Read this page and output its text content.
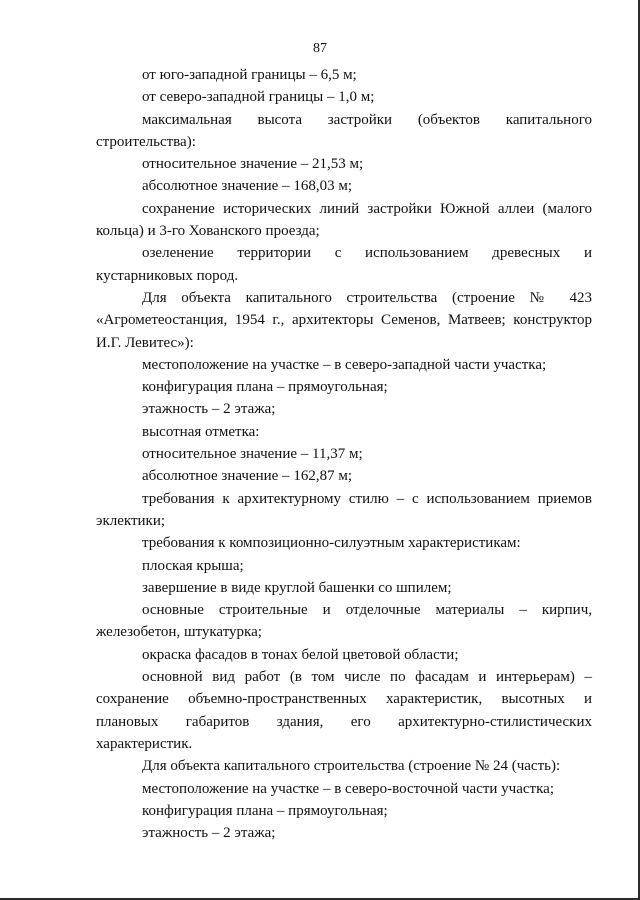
87

от юго-западной границы – 6,5 м;

от северо-западной границы – 1,0 м;

максимальная высота застройки (объектов капитального строительства):

относительное значение – 21,53 м;

абсолютное значение – 168,03 м;

сохранение исторических линий застройки Южной аллеи (малого кольца) и 3-го Хованского проезда;

озеленение территории с использованием древесных и кустарниковых пород.

Для объекта капитального строительства (строение № 423 «Агрометеостанция, 1954 г., архитекторы Семенов, Матвеев; конструктор И.Г. Левитес»):

местоположение на участке – в северо-западной части участка;

конфигурация плана – прямоугольная;

этажность – 2 этажа;

высотная отметка:

относительное значение – 11,37 м;

абсолютное значение – 162,87 м;

требования к архитектурному стилю – с использованием приемов эклектики;

требования к композиционно-силуэтным характеристикам:

плоская крыша;

завершение в виде круглой башенки со шпилем;

основные строительные и отделочные материалы – кирпич, железобетон, штукатурка;

окраска фасадов в тонах белой цветовой области;

основной вид работ (в том числе по фасадам и интерьерам) – сохранение объемно-пространственных характеристик, высотных и плановых габаритов здания, его архитектурно-стилистических характеристик.

Для объекта капитального строительства (строение № 24 (часть):

местоположение на участке – в северо-восточной части участка;

конфигурация плана – прямоугольная;

этажность – 2 этажа;
